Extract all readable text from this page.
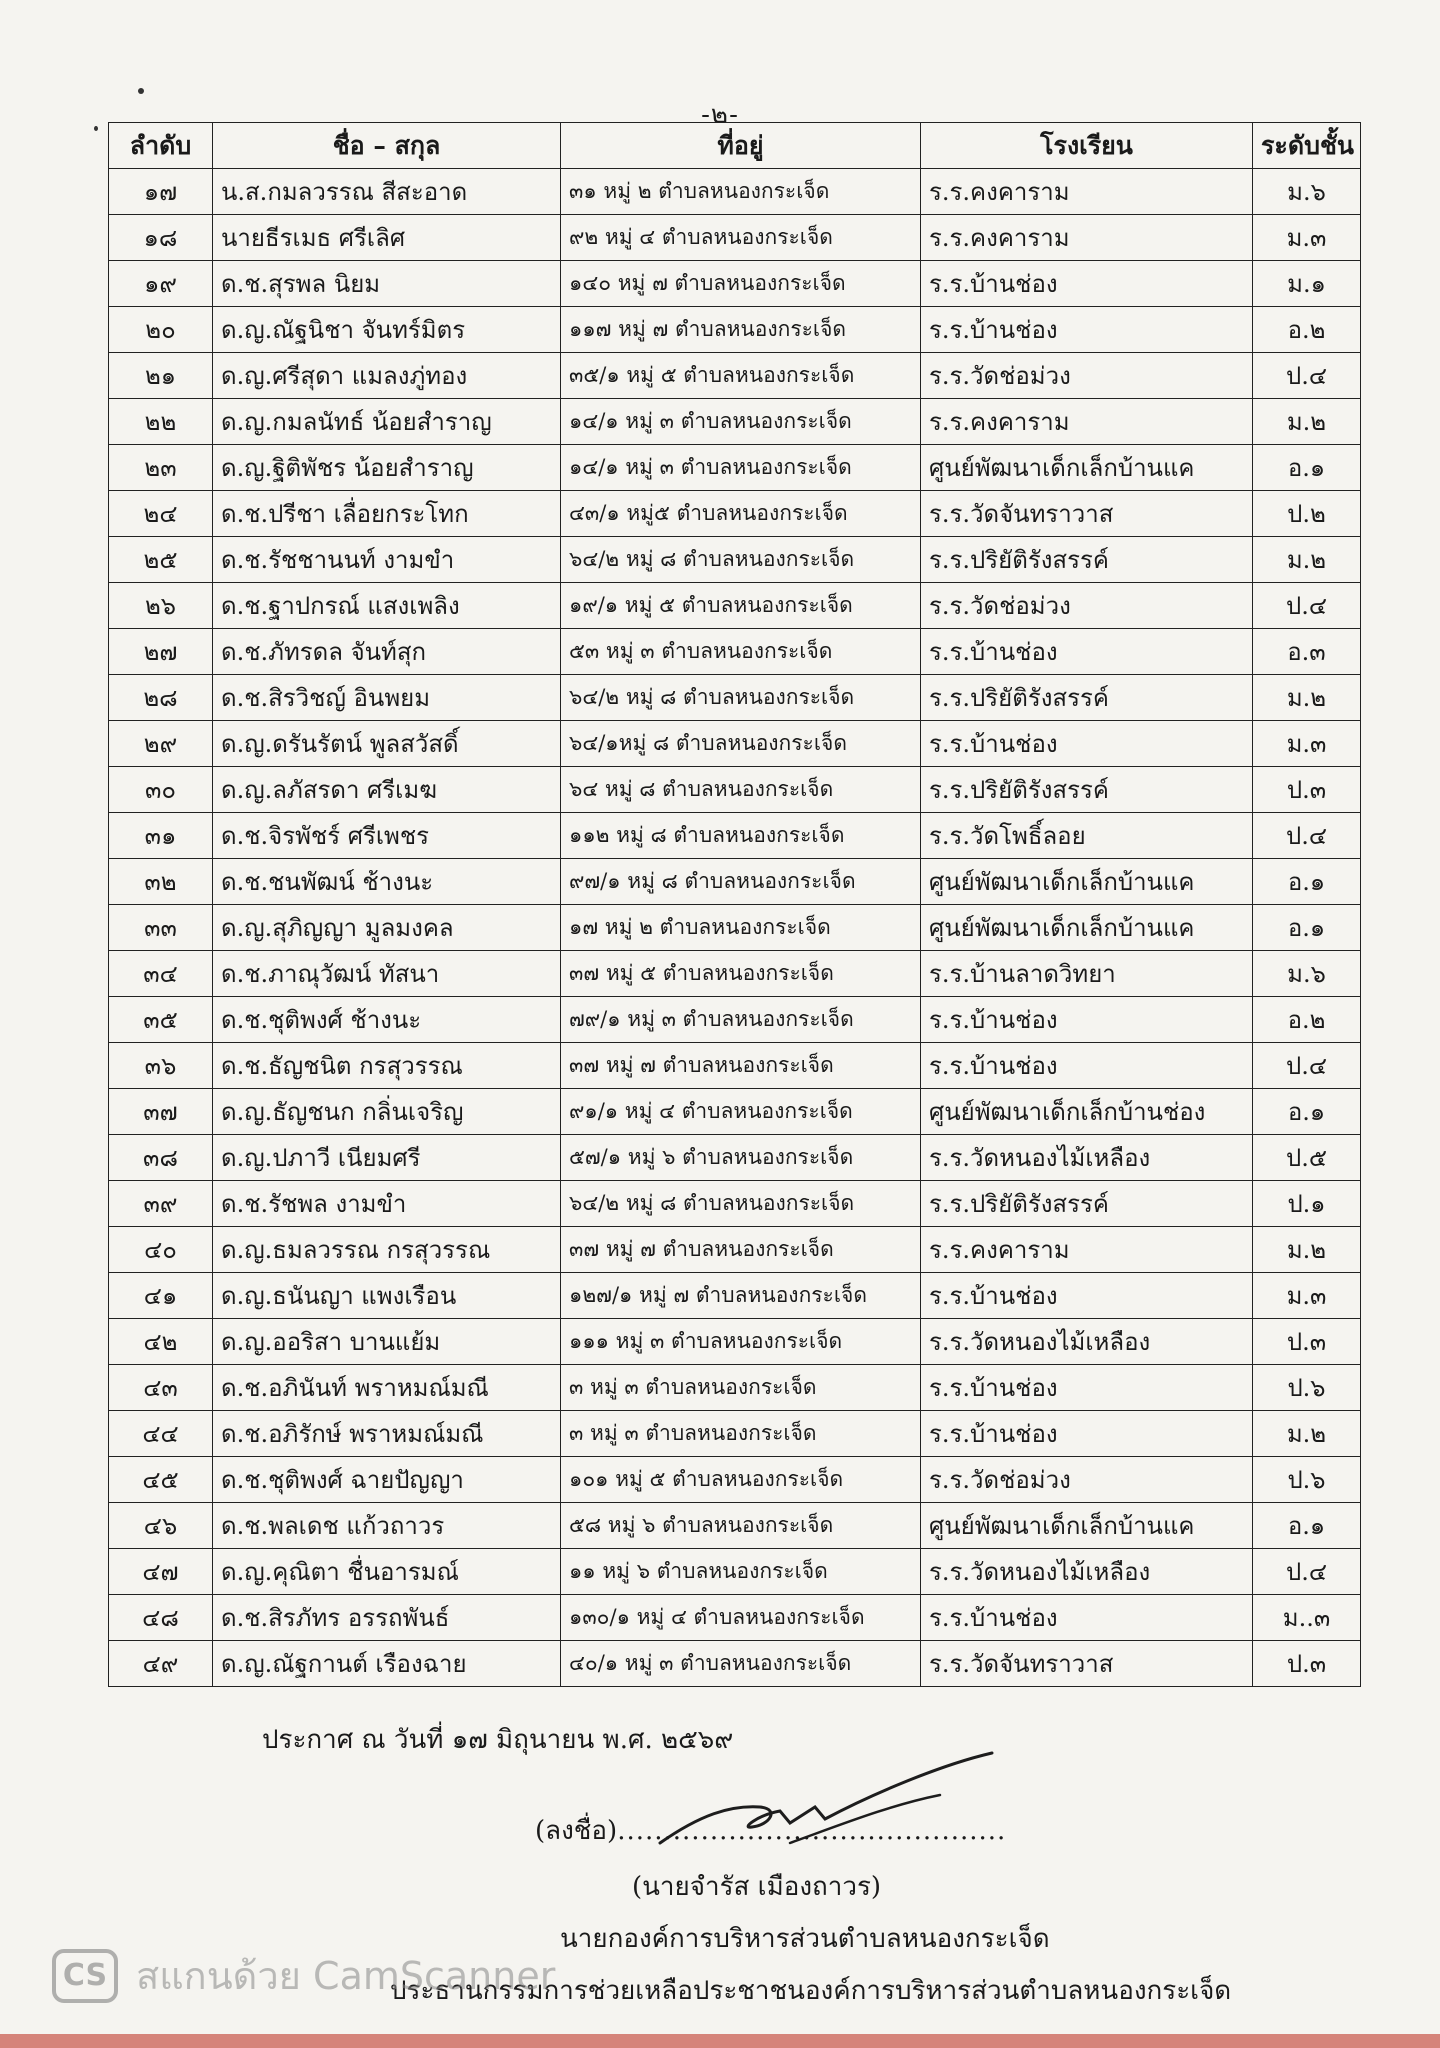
-๒-
ลำดับ	ชื่อ – สกุล	ที่อยู่	โรงเรียน	ระดับชั้น
๑๗	น.ส.กมลวรรณ สีสะอาด	๓๑ หมู่ ๒ ตำบลหนองกระเจ็ด	ร.ร.คงคาราม	ม.๖
๑๘	นายธีรเมธ ศรีเลิศ	๙๒ หมู่ ๔ ตำบลหนองกระเจ็ด	ร.ร.คงคาราม	ม.๓
๑๙	ด.ช.สุรพล นิยม	๑๔๐ หมู่ ๗ ตำบลหนองกระเจ็ด	ร.ร.บ้านช่อง	ม.๑
๒๐	ด.ญ.ณัฐนิชา จันทร์มิตร	๑๑๗ หมู่ ๗ ตำบลหนองกระเจ็ด	ร.ร.บ้านช่อง	อ.๒
๒๑	ด.ญ.ศรีสุดา แมลงภู่ทอง	๓๕/๑ หมู่ ๕ ตำบลหนองกระเจ็ด	ร.ร.วัดช่อม่วง	ป.๔
๒๒	ด.ญ.กมลนัทธ์ น้อยสำราญ	๑๔/๑ หมู่ ๓ ตำบลหนองกระเจ็ด	ร.ร.คงคาราม	ม.๒
๒๓	ด.ญ.ฐิติพัชร น้อยสำราญ	๑๔/๑ หมู่ ๓ ตำบลหนองกระเจ็ด	ศูนย์พัฒนาเด็กเล็กบ้านแค	อ.๑
๒๔	ด.ช.ปรีชา เลื่อยกระโทก	๔๓/๑ หมู่๕ ตำบลหนองกระเจ็ด	ร.ร.วัดจันทราวาส	ป.๒
๒๕	ด.ช.รัชชานนท์ งามขำ	๖๔/๒ หมู่ ๘ ตำบลหนองกระเจ็ด	ร.ร.ปริยัติรังสรรค์	ม.๒
๒๖	ด.ช.ฐาปกรณ์ แสงเพลิง	๑๙/๑ หมู่ ๕ ตำบลหนองกระเจ็ด	ร.ร.วัดช่อม่วง	ป.๔
๒๗	ด.ช.ภัทรดล จันท์สุก	๕๓ หมู่ ๓ ตำบลหนองกระเจ็ด	ร.ร.บ้านช่อง	อ.๓
๒๘	ด.ช.สิรวิชญ์ อินพยม	๖๔/๒ หมู่ ๘ ตำบลหนองกระเจ็ด	ร.ร.ปริยัติรังสรรค์	ม.๒
๒๙	ด.ญ.ดรันรัตน์ พูลสวัสดิ์	๖๔/๑หมู่ ๘ ตำบลหนองกระเจ็ด	ร.ร.บ้านช่อง	ม.๓
๓๐	ด.ญ.ลภัสรดา ศรีเมฆ	๖๔ หมู่ ๘ ตำบลหนองกระเจ็ด	ร.ร.ปริยัติรังสรรค์	ป.๓
๓๑	ด.ช.จิรพัชร์ ศรีเพชร	๑๑๒ หมู่ ๘ ตำบลหนองกระเจ็ด	ร.ร.วัดโพธิ์ลอย	ป.๔
๓๒	ด.ช.ชนพัฒน์ ช้างนะ	๙๗/๑ หมู่ ๘ ตำบลหนองกระเจ็ด	ศูนย์พัฒนาเด็กเล็กบ้านแค	อ.๑
๓๓	ด.ญ.สุภิญญา มูลมงคล	๑๗ หมู่ ๒ ตำบลหนองกระเจ็ด	ศูนย์พัฒนาเด็กเล็กบ้านแค	อ.๑
๓๔	ด.ช.ภาณุวัฒน์ ทัสนา	๓๗ หมู่ ๕ ตำบลหนองกระเจ็ด	ร.ร.บ้านลาดวิทยา	ม.๖
๓๕	ด.ช.ชุติพงศ์ ช้างนะ	๗๙/๑ หมู่ ๓ ตำบลหนองกระเจ็ด	ร.ร.บ้านช่อง	อ.๒
๓๖	ด.ช.ธัญชนิต กรสุวรรณ	๓๗ หมู่ ๗ ตำบลหนองกระเจ็ด	ร.ร.บ้านช่อง	ป.๔
๓๗	ด.ญ.ธัญชนก กลิ่นเจริญ	๙๑/๑ หมู่ ๔ ตำบลหนองกระเจ็ด	ศูนย์พัฒนาเด็กเล็กบ้านช่อง	อ.๑
๓๘	ด.ญ.ปภาวี เนียมศรี	๕๗/๑ หมู่ ๖ ตำบลหนองกระเจ็ด	ร.ร.วัดหนองไม้เหลือง	ป.๕
๓๙	ด.ช.รัชพล งามขำ	๖๔/๒ หมู่ ๘ ตำบลหนองกระเจ็ด	ร.ร.ปริยัติรังสรรค์	ป.๑
๔๐	ด.ญ.ธมลวรรณ กรสุวรรณ	๓๗ หมู่ ๗ ตำบลหนองกระเจ็ด	ร.ร.คงคาราม	ม.๒
๔๑	ด.ญ.ธนันญา แพงเรือน	๑๒๗/๑ หมู่ ๗ ตำบลหนองกระเจ็ด	ร.ร.บ้านช่อง	ม.๓
๔๒	ด.ญ.ออริสา บานแย้ม	๑๑๑ หมู่ ๓ ตำบลหนองกระเจ็ด	ร.ร.วัดหนองไม้เหลือง	ป.๓
๔๓	ด.ช.อภินันท์ พราหมณ์มณี	๓ หมู่ ๓ ตำบลหนองกระเจ็ด	ร.ร.บ้านช่อง	ป.๖
๔๔	ด.ช.อภิรักษ์ พราหมณ์มณี	๓ หมู่ ๓ ตำบลหนองกระเจ็ด	ร.ร.บ้านช่อง	ม.๒
๔๕	ด.ช.ชุติพงศ์ ฉายปัญญา	๑๐๑ หมู่ ๕ ตำบลหนองกระเจ็ด	ร.ร.วัดช่อม่วง	ป.๖
๔๖	ด.ช.พลเดช แก้วถาวร	๕๘ หมู่ ๖ ตำบลหนองกระเจ็ด	ศูนย์พัฒนาเด็กเล็กบ้านแค	อ.๑
๔๗	ด.ญ.คุณิตา ชื่นอารมณ์	๑๑ หมู่ ๖ ตำบลหนองกระเจ็ด	ร.ร.วัดหนองไม้เหลือง	ป.๔
๔๘	ด.ช.สิรภัทร อรรถพันธ์	๑๓๐/๑ หมู่ ๔ ตำบลหนองกระเจ็ด	ร.ร.บ้านช่อง	ม..๓
๔๙	ด.ญ.ณัฐกานต์ เรืองฉาย	๔๐/๑ หมู่ ๓ ตำบลหนองกระเจ็ด	ร.ร.วัดจันทราวาส	ป.๓
ประกาศ ณ วันที่ ๑๗ มิถุนายน พ.ศ. ๒๕๖๙
(ลงชื่อ)..........................................
(นายจำรัส เมืองถาวร)
นายกองค์การบริหารส่วนตำบลหนองกระเจ็ด
ประธานกรรมการช่วยเหลือประชาชนองค์การบริหารส่วนตำบลหนองกระเจ็ด
CS สแกนด้วย CamScanner
